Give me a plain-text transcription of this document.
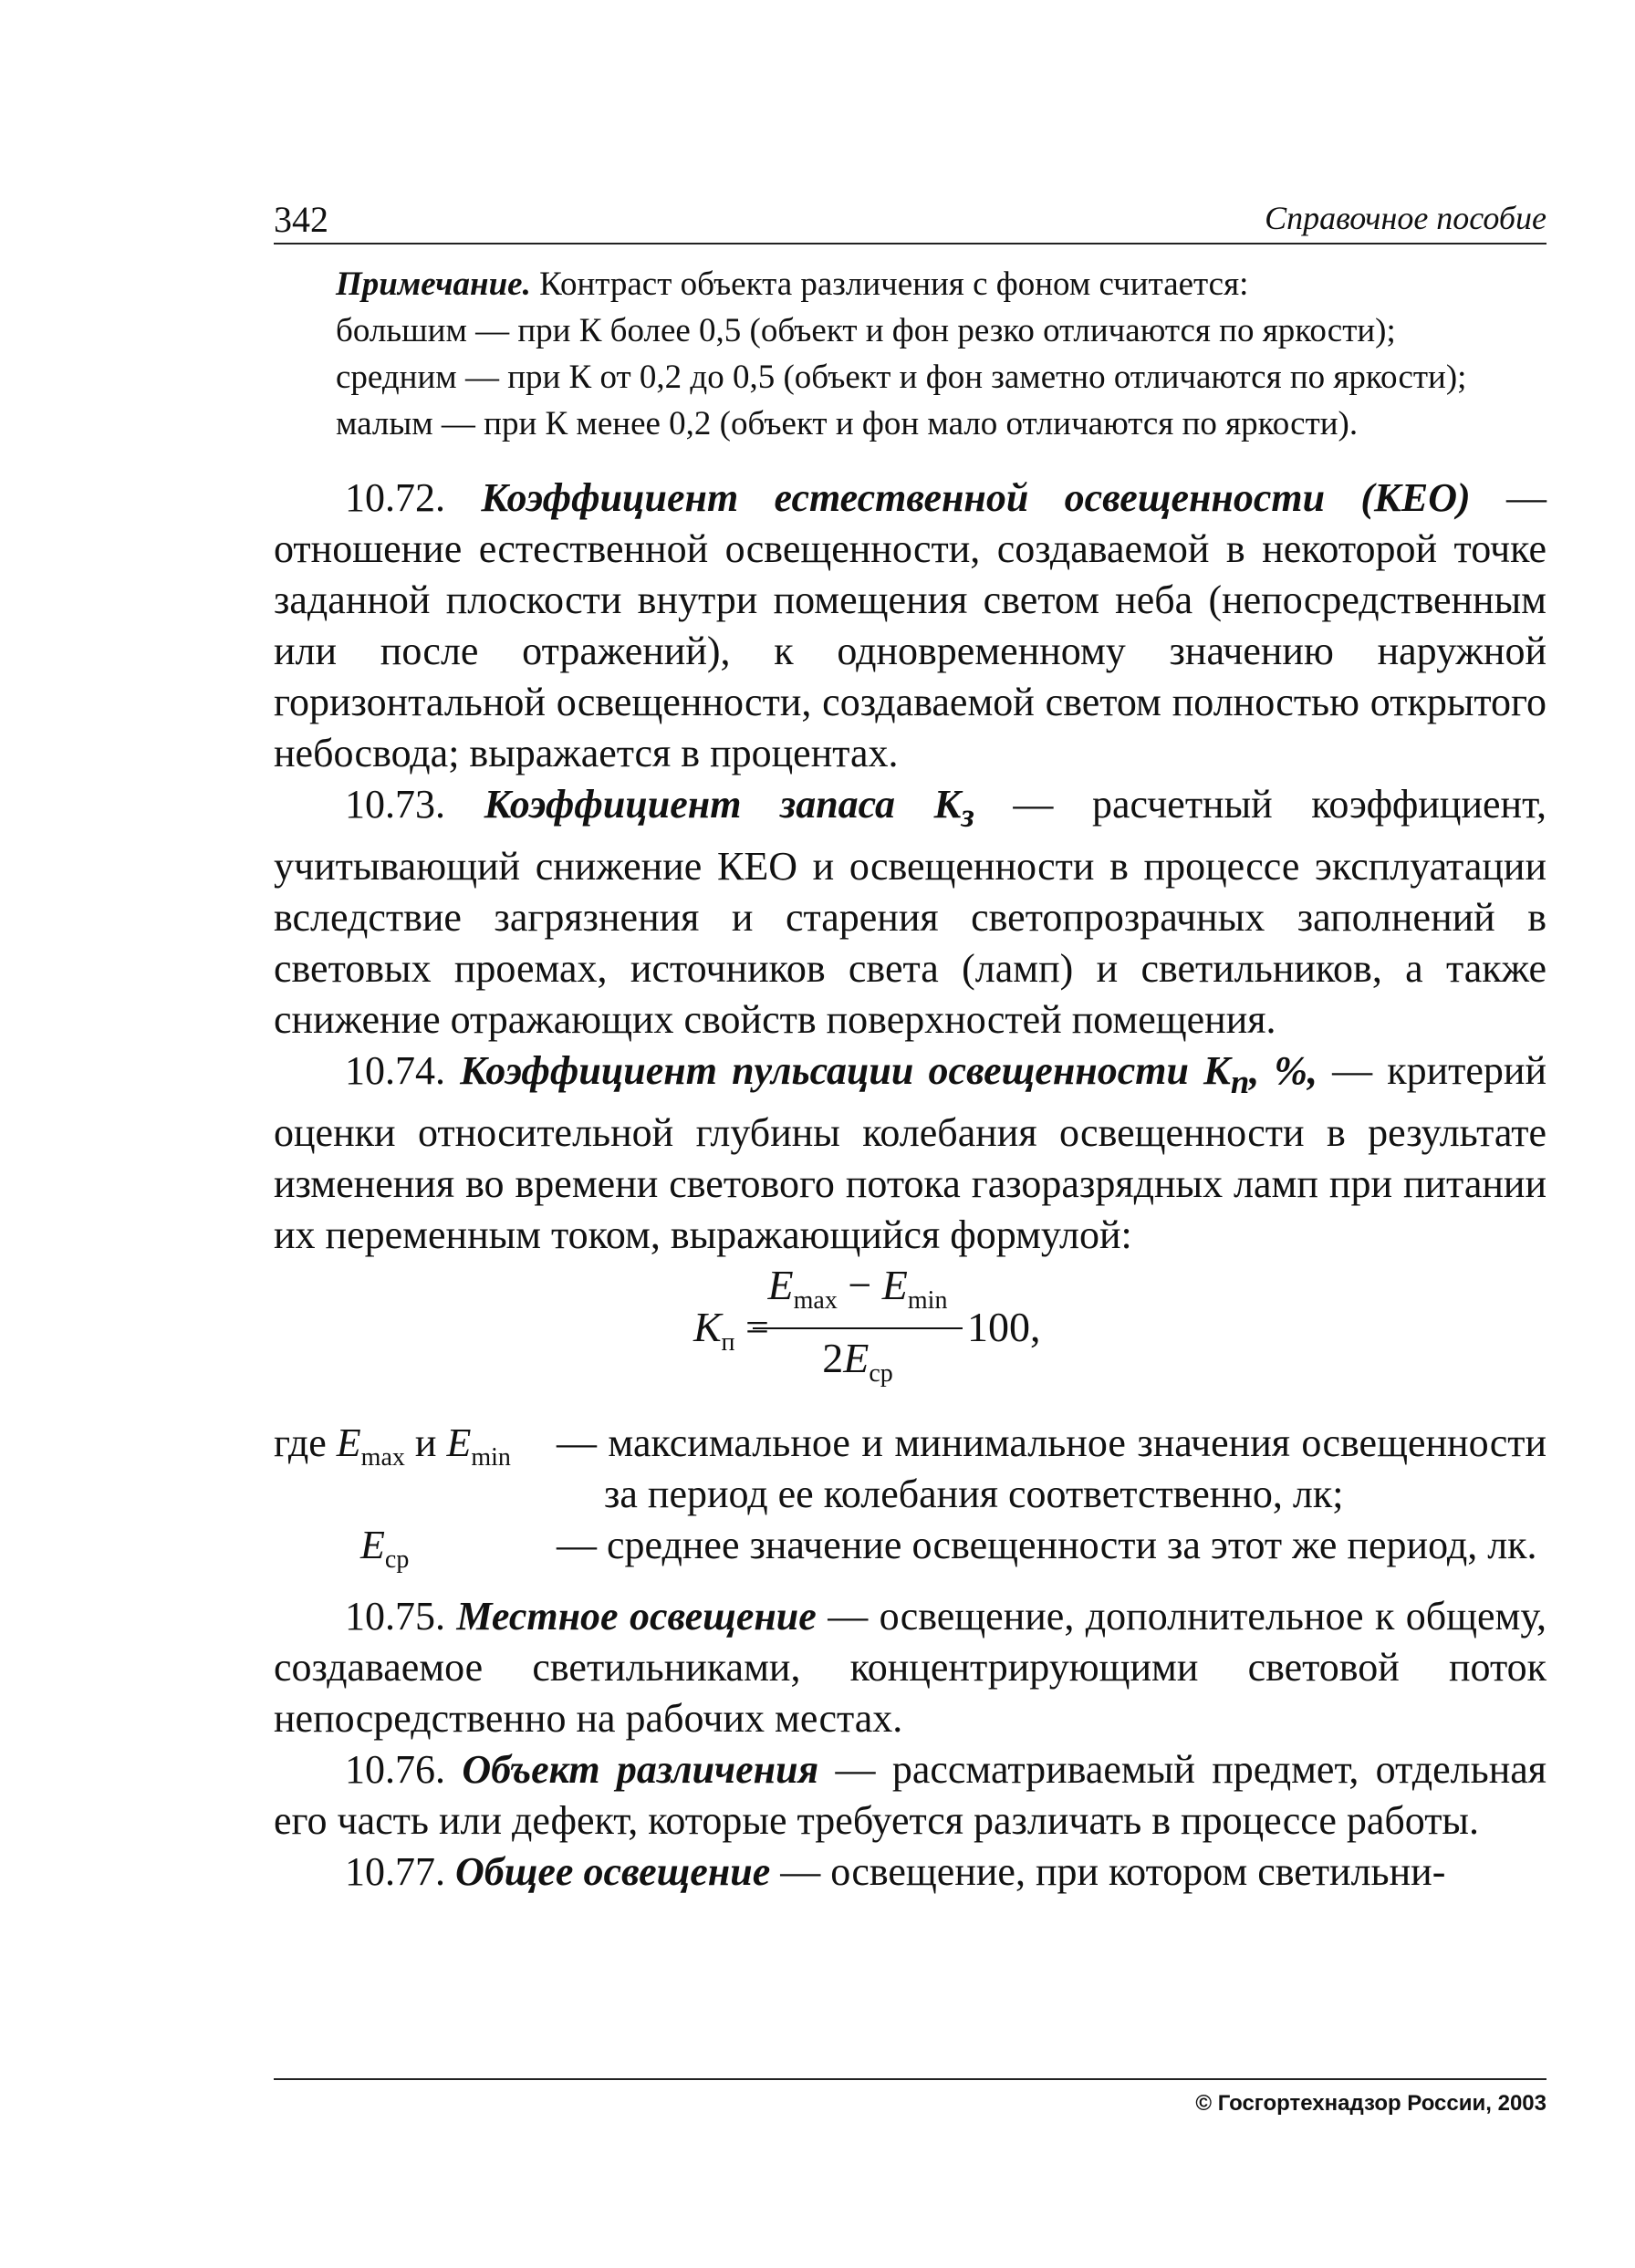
342	Справочное пособие

Примечание. Контраст объекта различения с фоном считается:

большим — при К более 0,5 (объект и фон резко отличаются по яркости);

средним — при К от 0,2 до 0,5 (объект и фон заметно отличаются по яркости);

малым — при К менее 0,2 (объект и фон мало отличаются по яркости).

10.72. Коэффициент естественной освещенности (КЕО) — отношение естественной освещенности, создаваемой в некоторой точке заданной плоскости внутри помещения светом неба (непосредственным или после отражений), к одновременному значению наружной горизонтальной освещенности, создаваемой светом полностью открытого небосвода; выражается в процентах.

10.73. Коэффициент запаса $К_з$ — расчетный коэффициент, учитывающий снижение КЕО и освещенности в процессе эксплуатации вследствие загрязнения и старения светопрозрачных заполнений в световых проемах, источников света (ламп) и светильников, а также снижение отражающих свойств поверхностей помещения.

10.74. Коэффициент пульсации освещенности $К_п$, %, — критерий оценки относительной глубины колебания освещенности в результате изменения во времени светового потока газоразрядных ламп при питании их переменным током, выражающийся формулой:

$К_п$ =
$E_{max} - E_{min}$
$2E_{ср}$
100,
где $E_{max}$ и $E_{min}$ — максимальное и минимальное значения освещенности за период ее колебания соответственно, лк;
$E_{ср}$	— среднее значение освещенности за этот же период, лк.

10.75. Местное освещение — освещение, дополнительное к общему, создаваемое светильниками, концентрирующими световой поток непосредственно на рабочих местах.

10.76. Объект различения — рассматриваемый предмет, отдельная его часть или дефект, которые требуется различать в процессе работы.

10.77. Общее освещение — освещение, при котором светильни-

© Госгортехнадзор России, 2003
